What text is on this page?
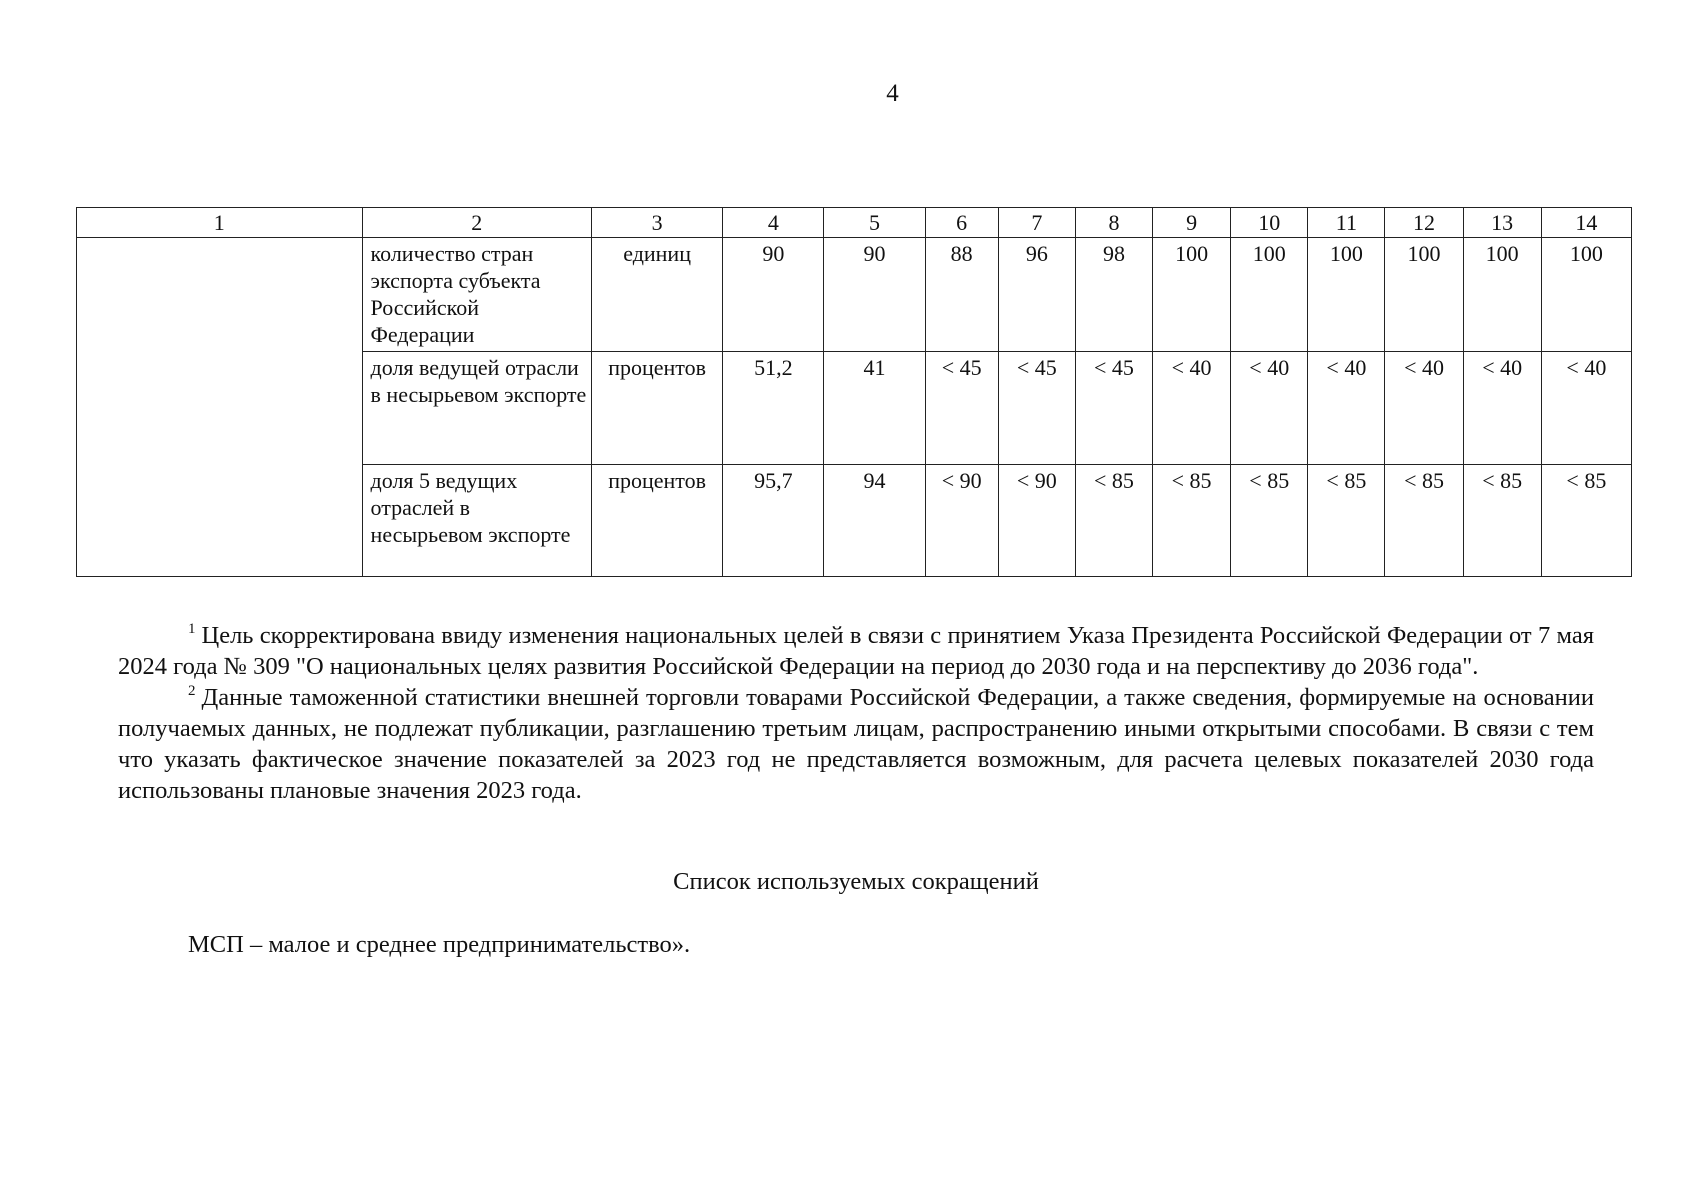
4
1	2	3	4	5	6	7	8	9	10	11	12	13	14
	количество стран экспорта субъекта Российской Федерации	единиц	90	90	88	96	98	100	100	100	100	100	100
	доля ведущей отрасли в несырьевом экспорте	процентов	51,2	41	< 45	< 45	< 45	< 40	< 40	< 40	< 40	< 40	< 40
	доля 5 ведущих отраслей в несырьевом экспорте	процентов	95,7	94	< 90	< 90	< 85	< 85	< 85	< 85	< 85	< 85	< 85

$^1$ Цель скорректирована ввиду изменения национальных целей в связи с принятием Указа Президента Российской Федерации от 7 мая 2024 года № 309 "О национальных целях развития Российской Федерации на период до 2030 года и на перспективу до 2036 года".

$^2$ Данные таможенной статистики внешней торговли товарами Российской Федерации, а также сведения, формируемые на основании получаемых данных, не подлежат публикации, разглашению третьим лицам, распространению иными открытыми способами. В связи с тем что указать фактическое значение показателей за 2023 год не представляется возможным, для расчета целевых показателей 2030 года использованы плановые значения 2023 года.

Список используемых сокращений
МСП – малое и среднее предпринимательство».
